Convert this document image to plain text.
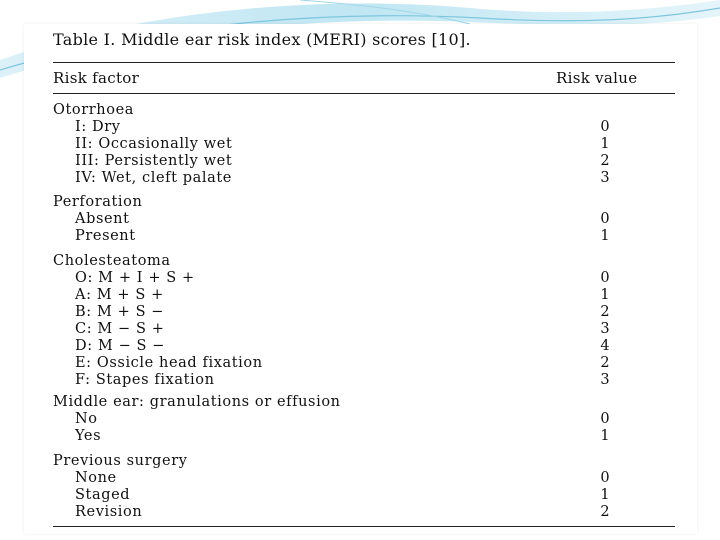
Table I. Middle ear risk index (MERI) scores [10].
Risk factor	Risk value
Otorrhoea
I: Dry	0
II: Occasionally wet	1
III: Persistently wet	2
IV: Wet, cleft palate	3
Perforation
Absent	0
Present	1
Cholesteatoma
O: M + I + S +	0
A: M + S +	1
B: M + S −	2
C: M − S +	3
D: M − S −	4
E: Ossicle head fixation	2
F: Stapes fixation	3
Middle ear: granulations or effusion
No	0
Yes	1
Previous surgery
None	0
Staged	1
Revision	2
